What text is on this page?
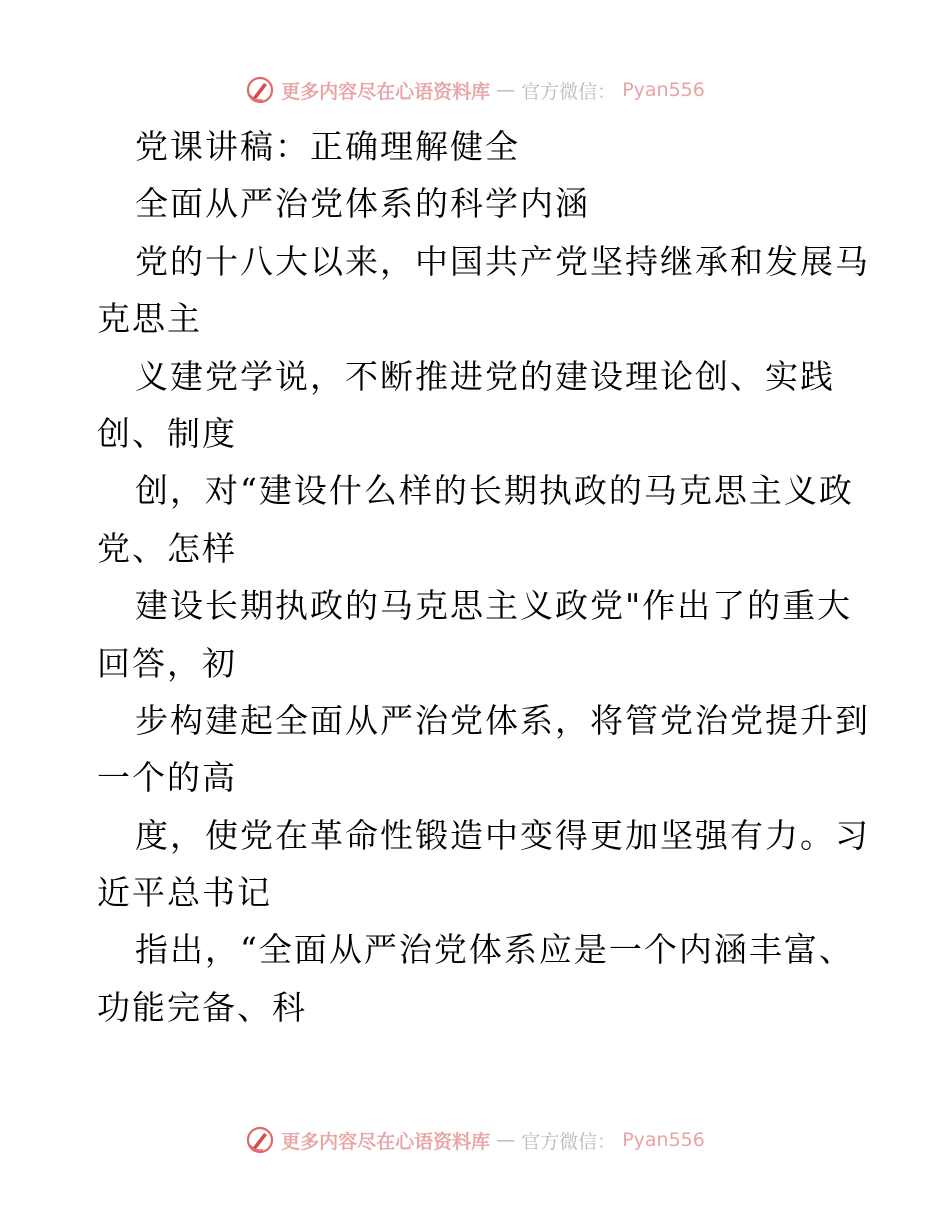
更多内容尽在心语资料库 — 官方微信： Pyan556
党课讲稿：正确理解健全
全面从严治党体系的科学内涵
党的十八大以来，中国共产党坚持继承和发展马
克思主
义建党学说，不断推进党的建设理论创、实践
创、制度
创，对“建设什么样的长期执政的马克思主义政
党、怎样
建设长期执政的马克思主义政党"作出了的重大
回答，初
步构建起全面从严治党体系，将管党治党提升到
一个的高
度，使党在革命性锻造中变得更加坚强有力。习
近平总书记
指出，“全面从严治党体系应是一个内涵丰富、
功能完备、科
更多内容尽在心语资料库 — 官方微信： Pyan556
